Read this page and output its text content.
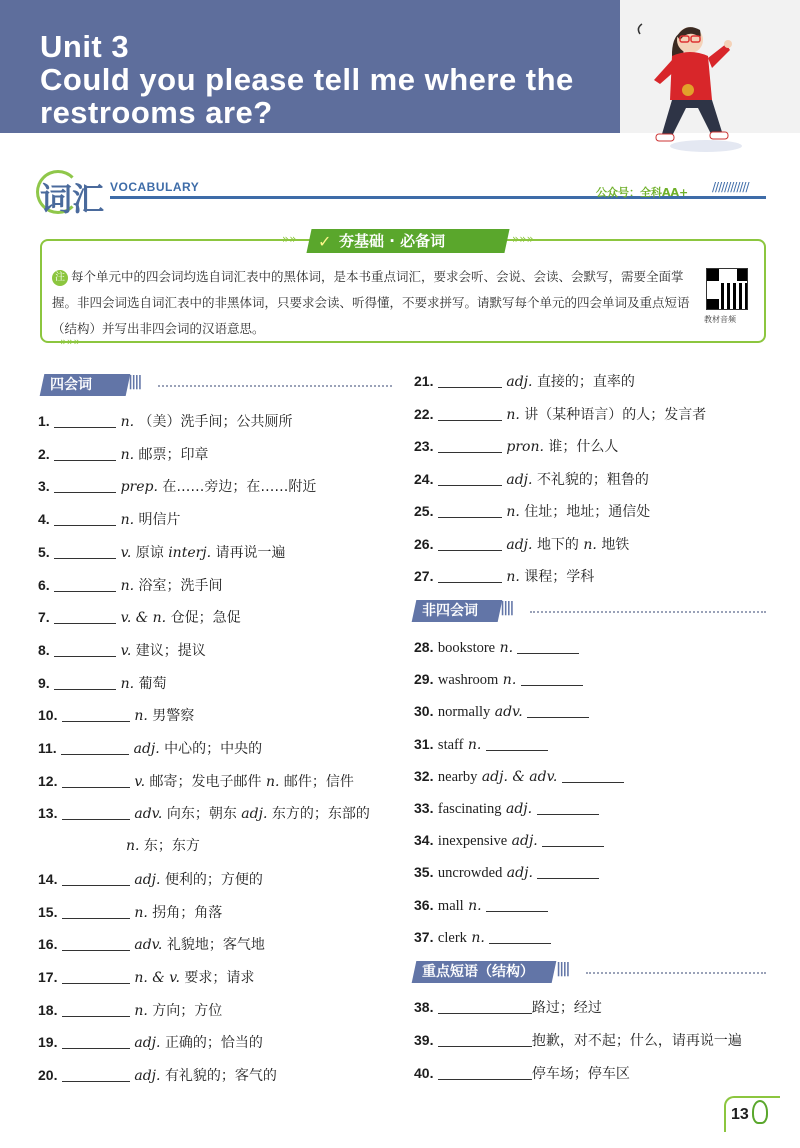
Unit 3
Could you please tell me where the
restrooms are?
词汇 VOCABULARY	公众号：全科AA+ ////////////
»»	夯基础 · 必备词
✓	»»»
注 每个单元中的四会词均选自词汇表中的黑体词，是本书重点词汇，要求会听、会说、会读、会默写，需要全面掌握。非四会词选自词汇表中的非黑体词，只要求会读、听得懂，不要求拼写。请默写每个单元的四会单词及重点短语（结构）并写出非四会词的汉语意思。
教材音频
»»»
四会词	||||
1.	n. （美）洗手间；公共厕所
2.	n. 邮票；印章
3.	prep. 在……旁边；在……附近
4.	n. 明信片
5.	v. 原谅 interj. 请再说一遍
6.	n. 浴室；洗手间
7.	v. & n. 仓促；急促
8.	v. 建议；提议
9.	n. 葡萄
10.	n. 男警察
11.	adj. 中心的；中央的
12.	v. 邮寄；发电子邮件 n. 邮件；信件
13.	adv. 向东；朝东 adj. 东方的；东部的
n. 东；东方
14.	adj. 便利的；方便的
15.	n. 拐角；角落
16.	adv. 礼貌地；客气地
17.	n. & v. 要求；请求
18.	n. 方向；方位
19.	adj. 正确的；恰当的
20.	adj. 有礼貌的；客气的
21.	adj. 直接的；直率的
22.	n. 讲（某种语言）的人；发言者
23.	pron. 谁；什么人
24.	adj. 不礼貌的；粗鲁的
25.	n. 住址；地址；通信处
26.	adj. 地下的 n. 地铁
27.	n. 课程；学科
非四会词	||||
28. bookstore n.
29. washroom n.
30. normally adv.
31. staff n.
32. nearby adj. & adv.
33. fascinating adj.
34. inexpensive adj.
35. uncrowded adj.
36. mall n.
37. clerk n.
重点短语（结构）	||||
38.	路过；经过
39.	抱歉，对不起；什么，请再说一遍
40.	停车场；停车区
13
